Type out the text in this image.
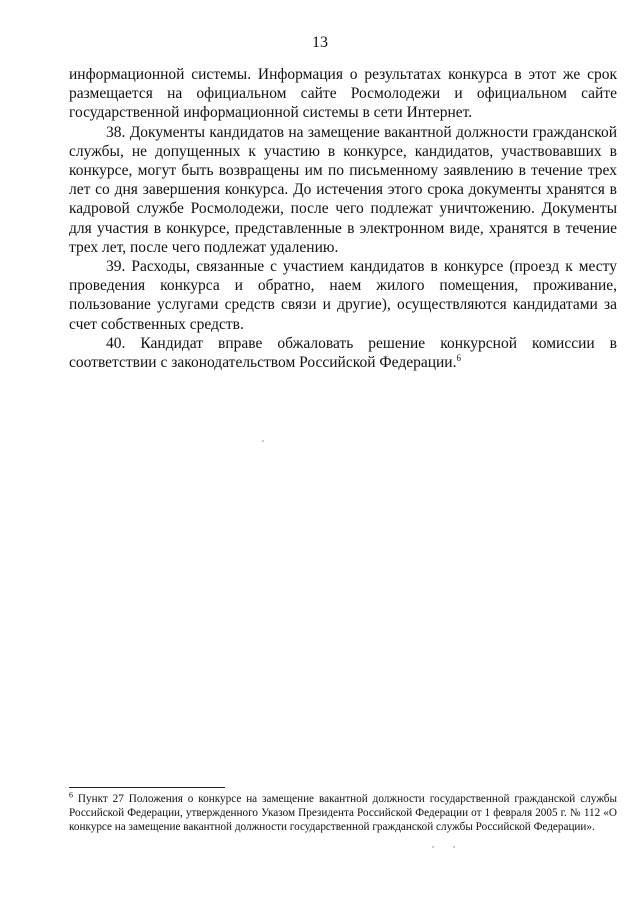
13

информационной системы. Информация о результатах конкурса в этот же срок размещается на официальном сайте Росмолодежи и официальном сайте государственной информационной системы в сети Интернет.

38. Документы кандидатов на замещение вакантной должности гражданской службы, не допущенных к участию в конкурсе, кандидатов, участвовавших в конкурсе, могут быть возвращены им по письменному заявлению в течение трех лет со дня завершения конкурса. До истечения этого срока документы хранятся в кадровой службе Росмолодежи, после чего подлежат уничтожению. Документы для участия в конкурсе, представленные в электронном виде, хранятся в течение трех лет, после чего подлежат удалению.

39. Расходы, связанные с участием кандидатов в конкурсе (проезд к месту проведения конкурса и обратно, наем жилого помещения, проживание, пользование услугами средств связи и другие), осуществляются кандидатами за счет собственных средств.

40. Кандидат вправе обжаловать решение конкурсной комиссии в соответствии с законодательством Российской Федерации.$^6$

$^6$ Пункт 27 Положения о конкурсе на замещение вакантной должности государственной гражданской службы Российской Федерации, утвержденного Указом Президента Российской Федерации от 1 февраля 2005 г. № 112 «О конкурсе на замещение вакантной должности государственной гражданской службы Российской Федерации».
